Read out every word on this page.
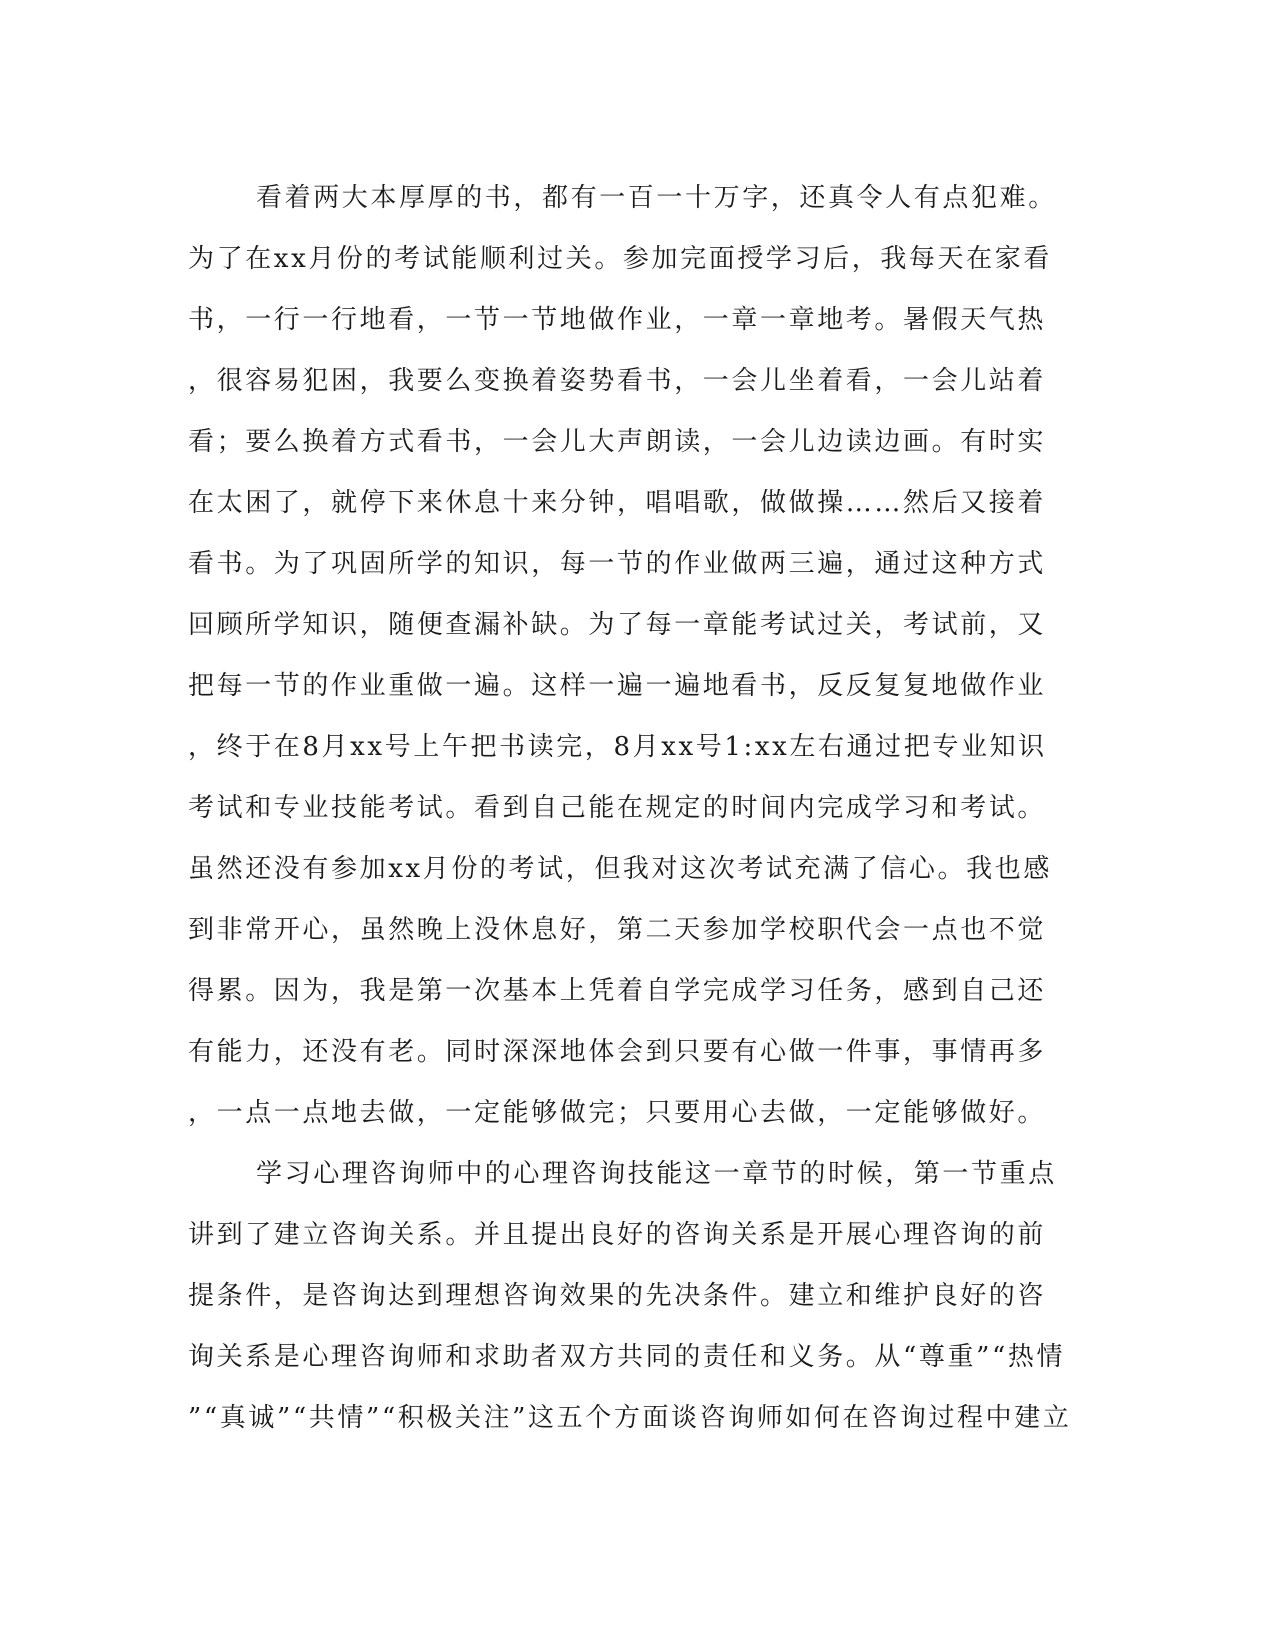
看着两大本厚厚的书，都有一百一十万字，还真令人有点犯难。
为了在xx月份的考试能顺利过关。参加完面授学习后，我每天在家看
书，一行一行地看，一节一节地做作业，一章一章地考。暑假天气热
，很容易犯困，我要么变换着姿势看书，一会儿坐着看，一会儿站着
看；要么换着方式看书，一会儿大声朗读，一会儿边读边画。有时实
在太困了，就停下来休息十来分钟，唱唱歌，做做操……然后又接着
看书。为了巩固所学的知识，每一节的作业做两三遍，通过这种方式
回顾所学知识，随便查漏补缺。为了每一章能考试过关，考试前，又
把每一节的作业重做一遍。这样一遍一遍地看书，反反复复地做作业
，终于在8月xx号上午把书读完，8月xx号1:xx左右通过把专业知识
考试和专业技能考试。看到自己能在规定的时间内完成学习和考试。
虽然还没有参加xx月份的考试，但我对这次考试充满了信心。我也感
到非常开心，虽然晚上没休息好，第二天参加学校职代会一点也不觉
得累。因为，我是第一次基本上凭着自学完成学习任务，感到自己还
有能力，还没有老。同时深深地体会到只要有心做一件事，事情再多
，一点一点地去做，一定能够做完；只要用心去做，一定能够做好。
学习心理咨询师中的心理咨询技能这一章节的时候，第一节重点
讲到了建立咨询关系。并且提出良好的咨询关系是开展心理咨询的前
提条件，是咨询达到理想咨询效果的先决条件。建立和维护良好的咨
询关系是心理咨询师和求助者双方共同的责任和义务。从“尊重”“热情
”“真诚”“共情”“积极关注”这五个方面谈咨询师如何在咨询过程中建立
